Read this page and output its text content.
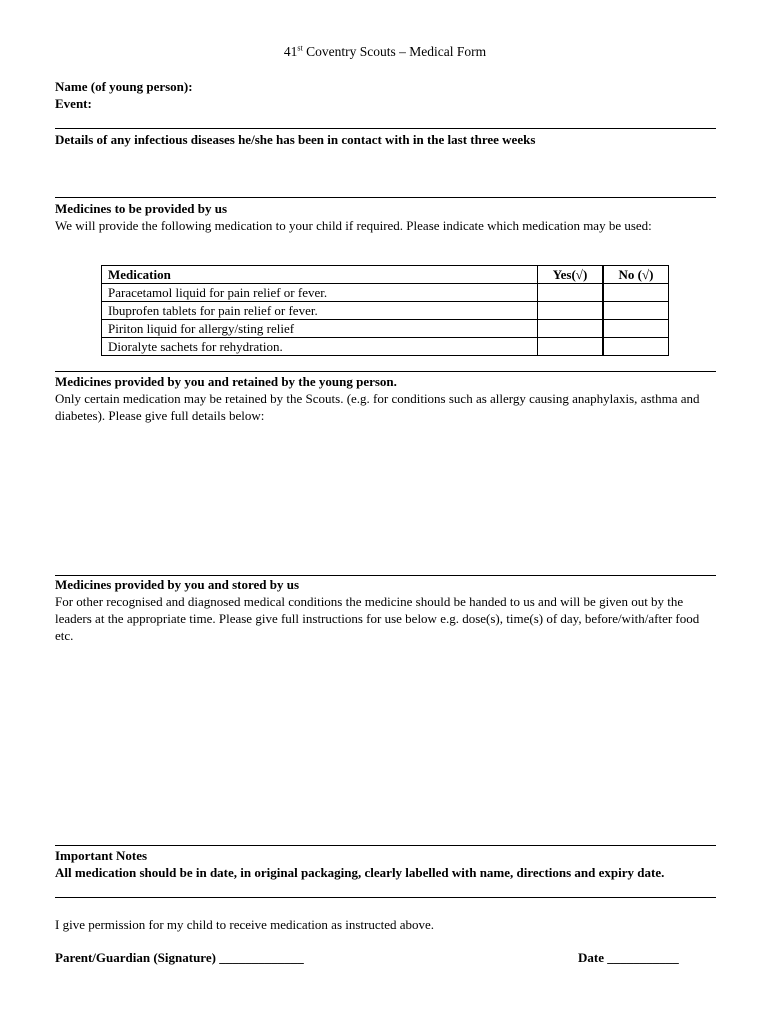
41st Coventry Scouts – Medical Form
Name (of young person):
Event:
Details of any infectious diseases he/she has been in contact with in the last three weeks

Medicines to be provided by us

We will provide the following medication to your child if required. Please indicate which medication may be used:

Medication	Yes(√)	No (√)
Paracetamol liquid for pain relief or fever.		
Ibuprofen tablets for pain relief or fever.		
Piriton liquid for allergy/sting relief		
Dioralyte sachets for rehydration.		

Medicines provided by you and retained by the young person.

Only certain medication may be retained by the Scouts. (e.g. for conditions such as allergy causing anaphylaxis, asthma and diabetes). Please give full details below:

Medicines provided by you and stored by us

For other recognised and diagnosed medical conditions the medicine should be handed to us and will be given out by the leaders at the appropriate time. Please give full instructions for use below e.g. dose(s), time(s) of day, before/with/after food etc.

Important Notes

All medication should be in date, in original packaging, clearly labelled with name, directions and expiry date.

I give permission for my child to receive medication as instructed above.
Parent/Guardian (Signature) _____________	Date ___________
